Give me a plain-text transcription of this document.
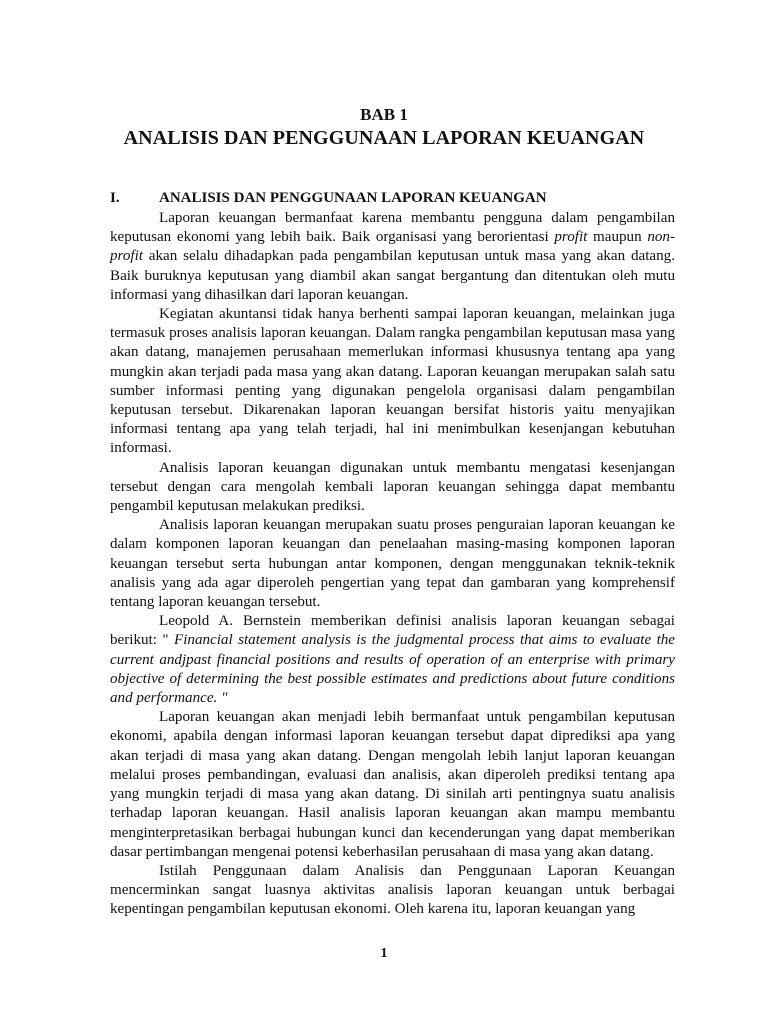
BAB 1
ANALISIS DAN PENGGUNAAN LAPORAN KEUANGAN
I.	ANALISIS DAN PENGGUNAAN LAPORAN KEUANGAN

Laporan keuangan bermanfaat karena membantu pengguna dalam pengambilan keputusan ekonomi yang lebih baik. Baik organisasi yang berorientasi profit maupun non-profit akan selalu dihadapkan pada pengambilan keputusan untuk masa yang akan datang. Baik buruknya keputusan yang diambil akan sangat bergantung dan ditentukan oleh mutu informasi yang dihasilkan dari laporan keuangan.

Kegiatan akuntansi tidak hanya berhenti sampai laporan keuangan, melainkan juga termasuk proses analisis laporan keuangan. Dalam rangka pengambilan keputusan masa yang akan datang, manajemen perusahaan memerlukan informasi khususnya tentang apa yang mungkin akan terjadi pada masa yang akan datang. Laporan keuangan merupakan salah satu sumber informasi penting yang digunakan pengelola organisasi dalam pengambilan keputusan tersebut. Dikarenakan laporan keuangan bersifat historis yaitu menyajikan informasi tentang apa yang telah terjadi, hal ini menimbulkan kesenjangan kebutuhan informasi.

Analisis laporan keuangan digunakan untuk membantu mengatasi kesenjangan tersebut dengan cara mengolah kembali laporan keuangan sehingga dapat membantu pengambil keputusan melakukan prediksi.

Analisis laporan keuangan merupakan suatu proses penguraian laporan keuangan ke dalam komponen laporan keuangan dan penelaahan masing-masing komponen laporan keuangan tersebut serta hubungan antar komponen, dengan menggunakan teknik-teknik analisis yang ada agar diperoleh pengertian yang tepat dan gambaran yang komprehensif tentang laporan keuangan tersebut.

Leopold A. Bernstein memberikan definisi analisis laporan keuangan sebagai berikut: " Financial statement analysis is the judgmental process that aims to evaluate the current andjpast financial positions and results of operation of an enterprise with primary objective of determining the best possible estimates and predictions about future conditions and performance. "

Laporan keuangan akan menjadi lebih bermanfaat untuk pengambilan keputusan ekonomi, apabila dengan informasi laporan keuangan tersebut dapat diprediksi apa yang akan terjadi di masa yang akan datang. Dengan mengolah lebih lanjut laporan keuangan melalui proses pembandingan, evaluasi dan analisis, akan diperoleh prediksi tentang apa yang mungkin terjadi di masa yang akan datang. Di sinilah arti pentingnya suatu analisis terhadap laporan keuangan. Hasil analisis laporan keuangan akan mampu membantu menginterpretasikan berbagai hubungan kunci dan kecenderungan yang dapat memberikan dasar pertimbangan mengenai potensi keberhasilan perusahaan di masa yang akan datang.

Istilah Penggunaan dalam Analisis dan Penggunaan Laporan Keuangan mencerminkan sangat luasnya aktivitas analisis laporan keuangan untuk berbagai kepentingan pengambilan keputusan ekonomi. Oleh karena itu, laporan keuangan yang

1
